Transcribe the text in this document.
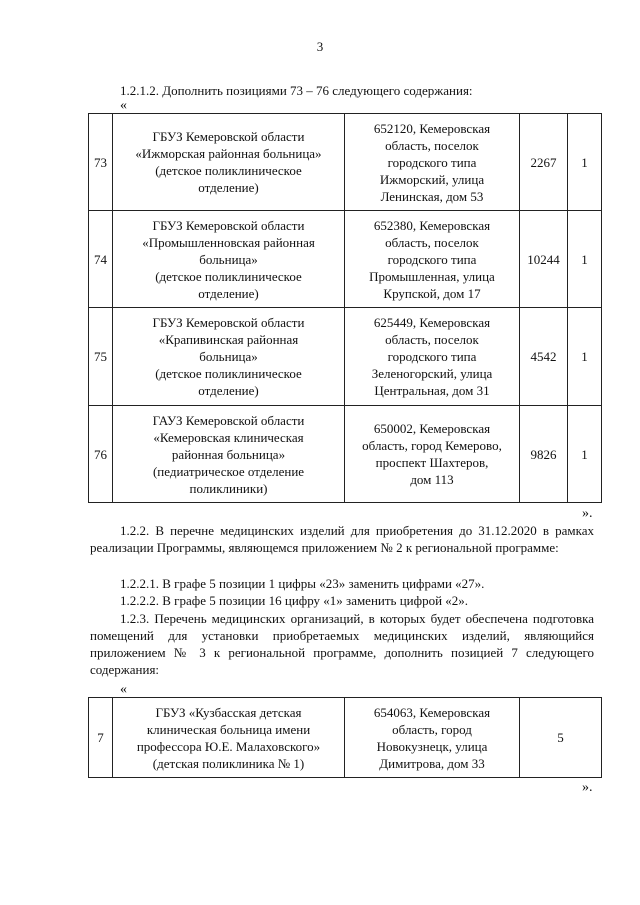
3
1.2.1.2. Дополнить позициями 73 – 76 следующего содержания:
«
73	ГБУЗ Кемеровской области
«Ижморская районная больница»
(детское поликлиническое
отделение)	652120, Кемеровская
область, поселок
городского типа
Ижморский, улица
Ленинская, дом 53	2267	1
74	ГБУЗ Кемеровской области
«Промышленновская районная
больница»
(детское поликлиническое
отделение)	652380, Кемеровская
область, поселок
городского типа
Промышленная, улица
Крупской, дом 17	10244	1
75	ГБУЗ Кемеровской области
«Крапивинская районная
больница»
(детское поликлиническое
отделение)	625449, Кемеровская
область, поселок
городского типа
Зеленогорский, улица
Центральная, дом 31	4542	1
76	ГАУЗ Кемеровской области
«Кемеровская клиническая
районная больница»
(педиатрическое отделение
поликлиники)	650002, Кемеровская
область, город Кемерово,
проспект Шахтеров,
дом 113	9826	1
».
1.2.2. В перечне медицинских изделий для приобретения до 31.12.2020 в рамках реализации Программы, являющемся приложением № 2 к региональной программе:
1.2.2.1. В графе 5 позиции 1 цифры «23» заменить цифрами «27».
1.2.2.2. В графе 5 позиции 16 цифру «1» заменить цифрой «2».
1.2.3. Перечень медицинских организаций, в которых будет обеспечена подготовка помещений для установки приобретаемых медицинских изделий, являющийся приложением № 3 к региональной программе, дополнить позицией 7 следующего содержания:
«
7	ГБУЗ «Кузбасская детская
клиническая больница имени
профессора Ю.Е. Малаховского»
(детская поликлиника № 1)	654063, Кемеровская
область, город
Новокузнецк, улица
Димитрова, дом 33	5
».
